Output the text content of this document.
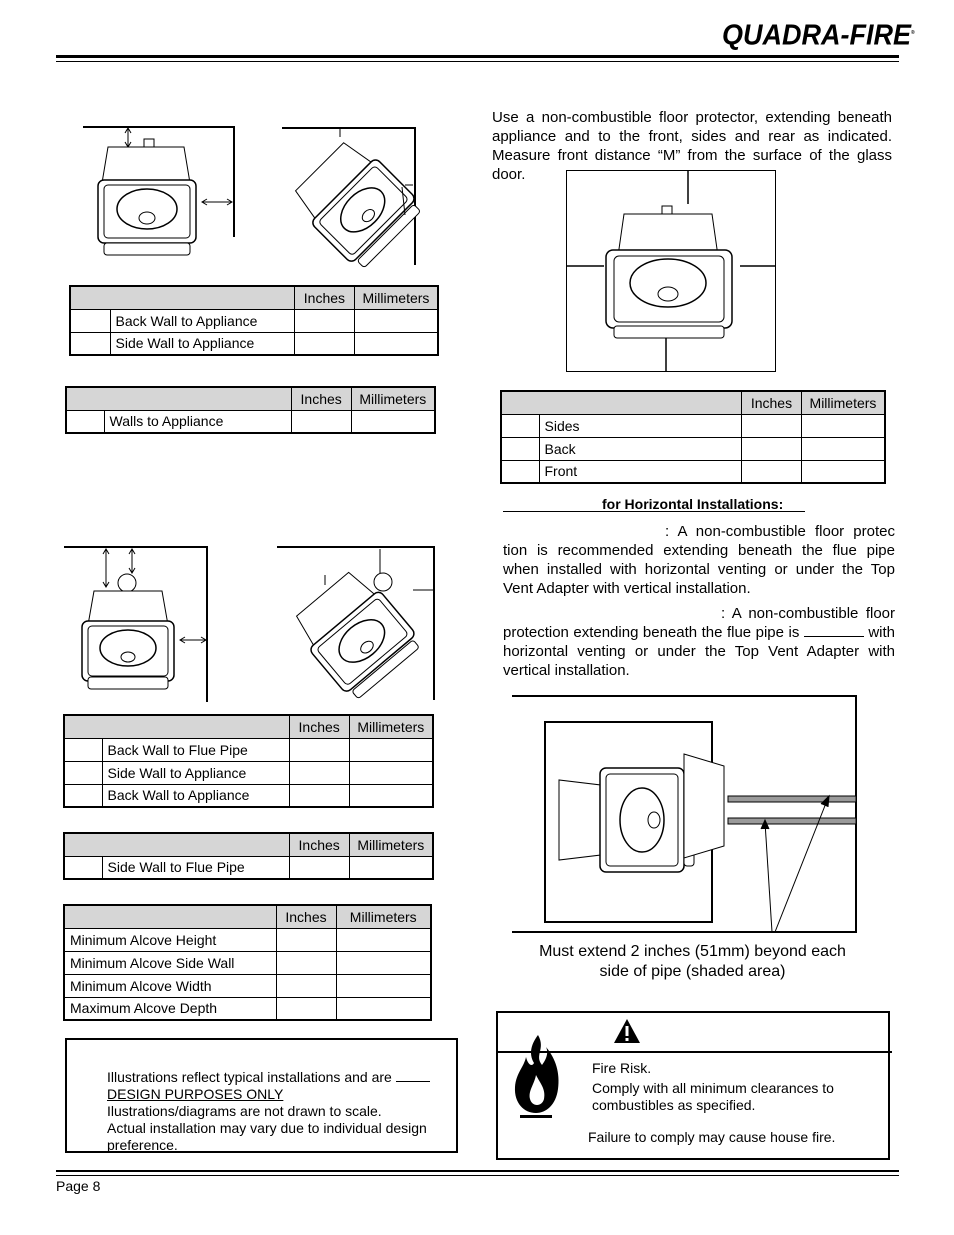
QUADRA-FIRE®
		Inches	Millimeters
	Back Wall to Appliance		
	Side Wall to Appliance		
		Inches	Millimeters
	Walls to Appliance		
Use a non-combustible floor protector, extending beneath appliance and to the front, sides and rear as indicated. Measure front distance “M” from the surface of the glass door.
		Inches	Millimeters
	Sides		
	Back		
	Front		
for Horizontal Installations:
: A non-combustible floor protec tion is recommended extending beneath the flue pipe when installed with horizontal venting or under the Top Vent Adapter with vertical installation.
: A non-combustible floor protection extending beneath the flue pipe is	with horizontal venting or under the Top Vent Adapter with vertical installation.
		Inches	Millimeters
	Back Wall to Flue Pipe		
	Side Wall to Appliance		
	Back Wall to Appliance		
		Inches	Millimeters
	Side Wall to Flue Pipe		
	Inches	Millimeters
Minimum Alcove Height		
Minimum Alcove Side Wall		
Minimum Alcove Width		
Maximum Alcove Depth		
Must extend 2 inches (51mm) beyond each
side of pipe (shaded area)
Illustrations reflect typical installations and are
DESIGN PURPOSES ONLY
Ilustrations/diagrams are not drawn to scale.
Actual installation may vary due to individual design preference.
Fire Risk.
Comply with all minimum clearances to combustibles as specified.
Failure to comply may cause house fire.
Page 8
